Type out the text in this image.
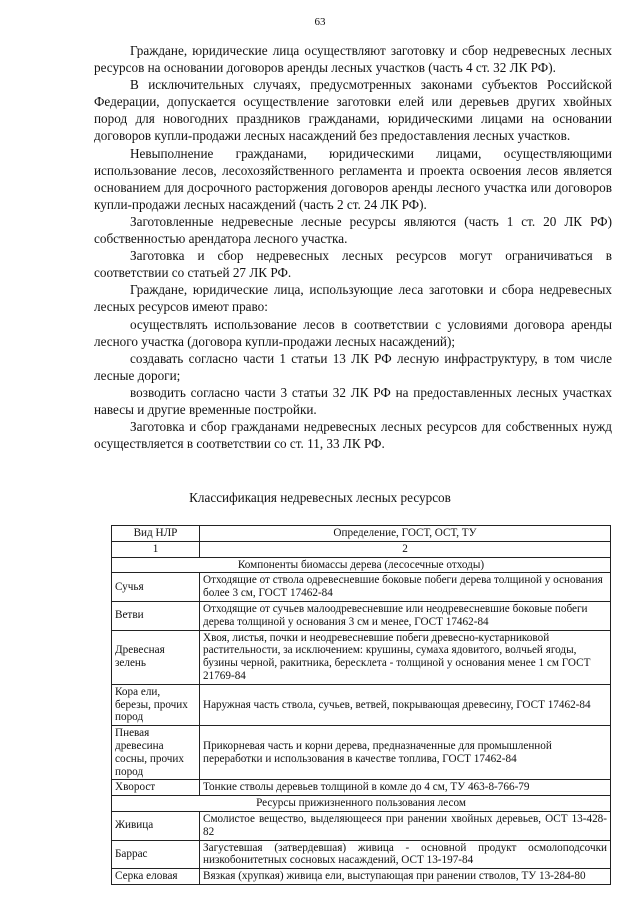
63

Граждане, юридические лица осуществляют заготовку и сбор недревесных лесных ресурсов на основании договоров аренды лесных участков (часть 4 ст. 32 ЛК РФ).

В исключительных случаях, предусмотренных законами субъектов Российской Федерации, допускается осуществление заготовки елей или деревьев других хвойных пород для новогодних праздников гражданами, юридическими лицами на основании договоров купли-продажи лесных насаждений без предоставления лесных участков.

Невыполнение гражданами, юридическими лицами, осуществляющими использование лесов, лесохозяйственного регламента и проекта освоения лесов является основанием для досрочного расторжения договоров аренды лесного участка или договоров купли-продажи лесных насаждений (часть 2 ст. 24 ЛК РФ).

Заготовленные недревесные лесные ресурсы являются (часть 1 ст. 20 ЛК РФ) собственностью арендатора лесного участка.

Заготовка и сбор недревесных лесных ресурсов могут ограничиваться в соответствии со статьей 27 ЛК РФ.

Граждане, юридические лица, использующие леса заготовки и сбора недревесных лесных ресурсов имеют право:

осуществлять использование лесов в соответствии с условиями договора аренды лесного участка (договора купли-продажи лесных насаждений);

создавать согласно части 1 статьи 13 ЛК РФ лесную инфраструктуру, в том числе лесные дороги;

возводить согласно части 3 статьи 32 ЛК РФ на предоставленных лесных участках навесы и другие временные постройки.

Заготовка и сбор гражданами недревесных лесных ресурсов для собственных нужд осуществляется в соответствии со ст. 11, 33 ЛК РФ.

Классификация недревесных лесных ресурсов
Вид НЛР	Определение, ГОСТ, ОСТ, ТУ
1	2
Компоненты биомассы дерева (лесосечные отходы)	
Сучья	Отходящие от ствола одревесневшие боковые побеги дерева толщиной у основания более 3 см, ГОСТ 17462-84
Ветви	Отходящие от сучьев малоодревесневшие или неодревесневшие боковые побеги дерева толщиной у основания 3 см и менее, ГОСТ 17462-84
Древесная зелень	Хвоя, листья, почки и неодревесневшие побеги древесно-кустарниковой растительности, за исключением: крушины, сумаха ядовитого, волчьей ягоды, бузины черной, ракитника, бересклета - толщиной у основания менее 1 см ГОСТ 21769-84
Кора ели, березы, прочих пород	Наружная часть ствола, сучьев, ветвей, покрывающая древесину, ГОСТ 17462-84
Пневая древесина сосны, прочих пород	Прикорневая часть и корни дерева, предназначенные для промышленной переработки и использования в качестве топлива, ГОСТ 17462-84
Хворост	Тонкие стволы деревьев толщиной в комле до 4 см, ТУ 463-8-766-79
Ресурсы прижизненного пользования лесом	
Живица	Смолистое вещество, выделяющееся при ранении хвойных деревьев, ОСТ 13-428-82
Баррас	Загустевшая (затвердевшая) живица - основной продукт осмолоподсочки низкобонитетных сосновых насаждений, ОСТ 13-197-84
Серка еловая	Вязкая (хрупкая) живица ели, выступающая при ранении стволов, ТУ 13-284-80
